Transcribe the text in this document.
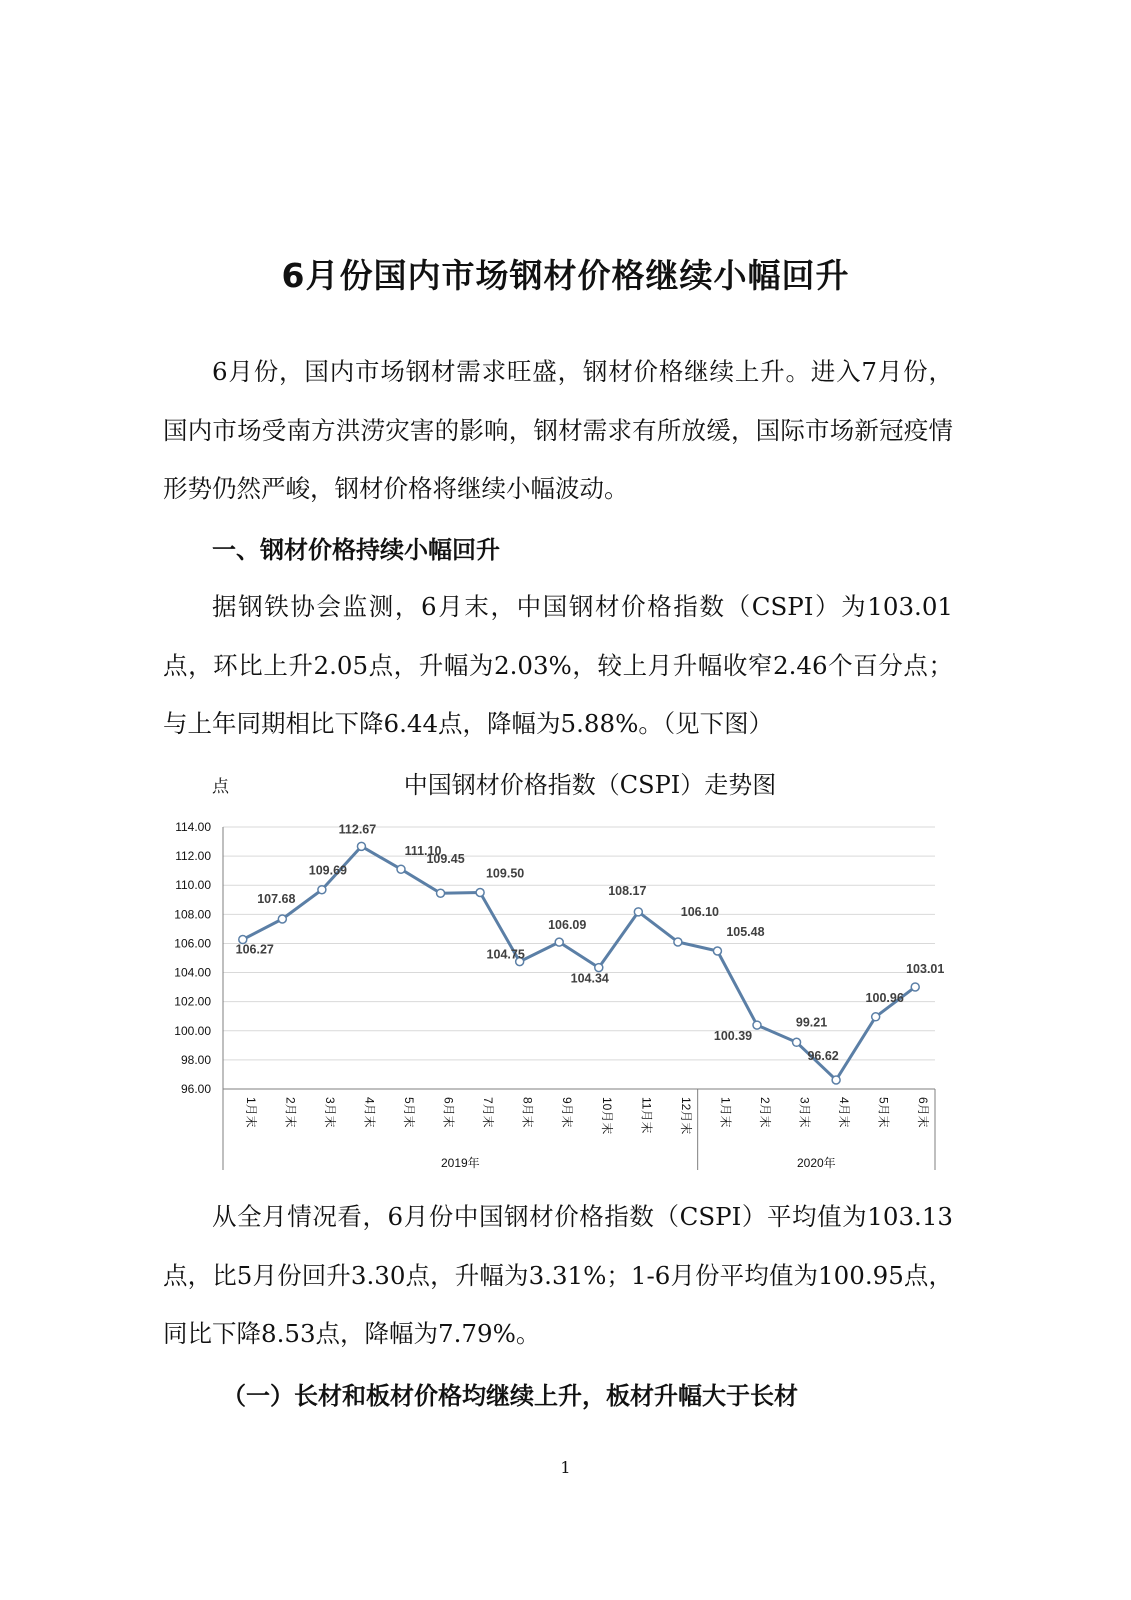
6月份国内市场钢材价格继续小幅回升

6月份，国内市场钢材需求旺盛，钢材价格继续上升。进入7月份，国内市场受南方洪涝灾害的影响，钢材需求有所放缓，国际市场新冠疫情形势仍然严峻，钢材价格将继续小幅波动。

一、钢材价格持续小幅回升

据钢铁协会监测，6月末，中国钢材价格指数（CSPI）为103.01点，环比上升2.05点，升幅为2.03%，较上月升幅收窄2.46个百分点；与上年同期相比下降6.44点，降幅为5.88%。（见下图）

点	中国钢材价格指数（CSPI）走势图
96.00
98.00
100.00
102.00
104.00
106.00
108.00
110.00
112.00
114.00
2019年	2020年
1月末 2月末 3月末 4月末 5月末 6月末 7月末 8月末 9月末 10月末 11月末 12月末 1月末 2月末 3月末 4月末 5月末 6月末
106.27
107.68
109.69
112.67
111.10
109.45
109.50
104.75
106.09
104.34
108.17
106.10
105.48
100.39
99.21
96.62
100.96
103.01

从全月情况看，6月份中国钢材价格指数（CSPI）平均值为103.13点，比5月份回升3.30点，升幅为3.31%；1-6月份平均值为100.95点，同比下降8.53点，降幅为7.79%。

（一）长材和板材价格均继续上升，板材升幅大于长材
1
